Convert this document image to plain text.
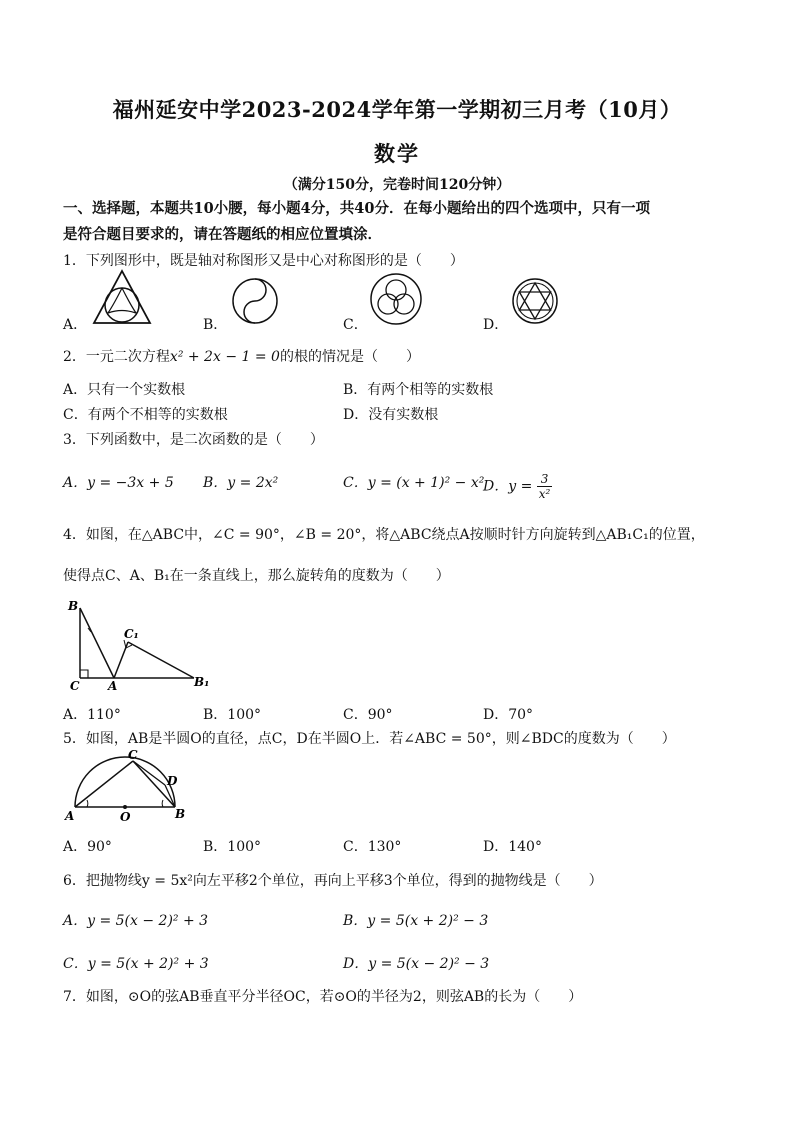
福州延安中学2023-2024学年第一学期初三月考（10月）
数学
（满分150分，完卷时间120分钟）
一、选择题，本题共10小腰，每小题4分，共40分．在每小题给出的四个选项中，只有一项
是符合题目要求的，请在答题纸的相应位置填涂．
1．下列图形中，既是轴对称图形又是中心对称图形的是（　　）
A．	B．	C．	D．
2．一元二次方程x² + 2x − 1 = 0的根的情况是（　　）
A．只有一个实数根	B．有两个相等的实数根
C．有两个不相等的实数根	D．没有实数根
3．下列函数中，是二次函数的是（　　）
A．y = −3x + 5 B．y = 2x²	C．y = (x + 1)² − x²
D．$y = \frac{3}{\text{x²}}$
4．如图，在△ABC中，∠C = 90°，∠B = 20°，将△ABC绕点A按顺时针方向旋转到△AB₁C₁的位置，
使得点C、A、B₁在一条直线上，那么旋转角的度数为（　　）
B
C₁
C A	B₁
A．110°	B．100°	C．90°	D．70°
5．如图，AB是半圆O的直径，点C，D在半圆O上．若∠ABC = 50°，则∠BDC的度数为（　　）
C
D
A	O	B
A．90°	B．100°	C．130°	D．140°
6．把抛物线y = 5x²向左平移2个单位，再向上平移3个单位，得到的抛物线是（　　）
A．y = 5(x − 2)² + 3	B．y = 5(x + 2)² − 3
C．y = 5(x + 2)² + 3	D．y = 5(x − 2)² − 3
7．如图，⊙O的弦AB垂直平分半径OC，若⊙O的半径为2，则弦AB的长为（　　）
